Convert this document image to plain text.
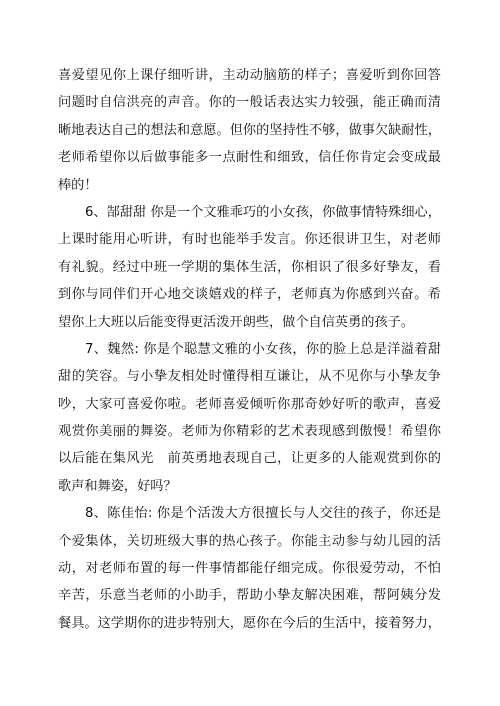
喜爱望见你上课仔细听讲，主动动脑筋的样子；喜爱听到你回答
问题时自信洪亮的声音。你的一般话表达实力较强，能正确而清
晰地表达自己的想法和意愿。但你的坚持性不够，做事欠缺耐性，
老师希望你以后做事能多一点耐性和细致，信任你肯定会变成最
棒的！
6、郜甜甜 你是一个文雅乖巧的小女孩，你做事情特殊细心，
上课时能用心听讲，有时也能举手发言。你还很讲卫生，对老师
有礼貌。经过中班一学期的集体生活，你相识了很多好挚友，看
到你与同伴们开心地交谈嬉戏的样子，老师真为你感到兴奋。希
望你上大班以后能变得更活泼开朗些，做个自信英勇的孩子。
7、魏然: 你是个聪慧文雅的小女孩，你的脸上总是洋溢着甜
甜的笑容。与小挚友相处时懂得相互谦让，从不见你与小挚友争
吵，大家可喜爱你啦。老师喜爱倾听你那奇妙好听的歌声，喜爱
观赏你美丽的舞姿。老师为你精彩的艺术表现感到傲慢！希望你
以后能在集风光　前英勇地表现自己，让更多的人能观赏到你的
歌声和舞姿，好吗？
8、陈佳怡: 你是个活泼大方很擅长与人交往的孩子，你还是
个爱集体，关切班级大事的热心孩子。你能主动参与幼儿园的活
动，对老师布置的每一件事情都能仔细完成。你很爱劳动，不怕
辛苦，乐意当老师的小助手，帮助小挚友解决困难，帮阿姨分发
餐具。这学期你的进步特别大，愿你在今后的生活中，接着努力，
